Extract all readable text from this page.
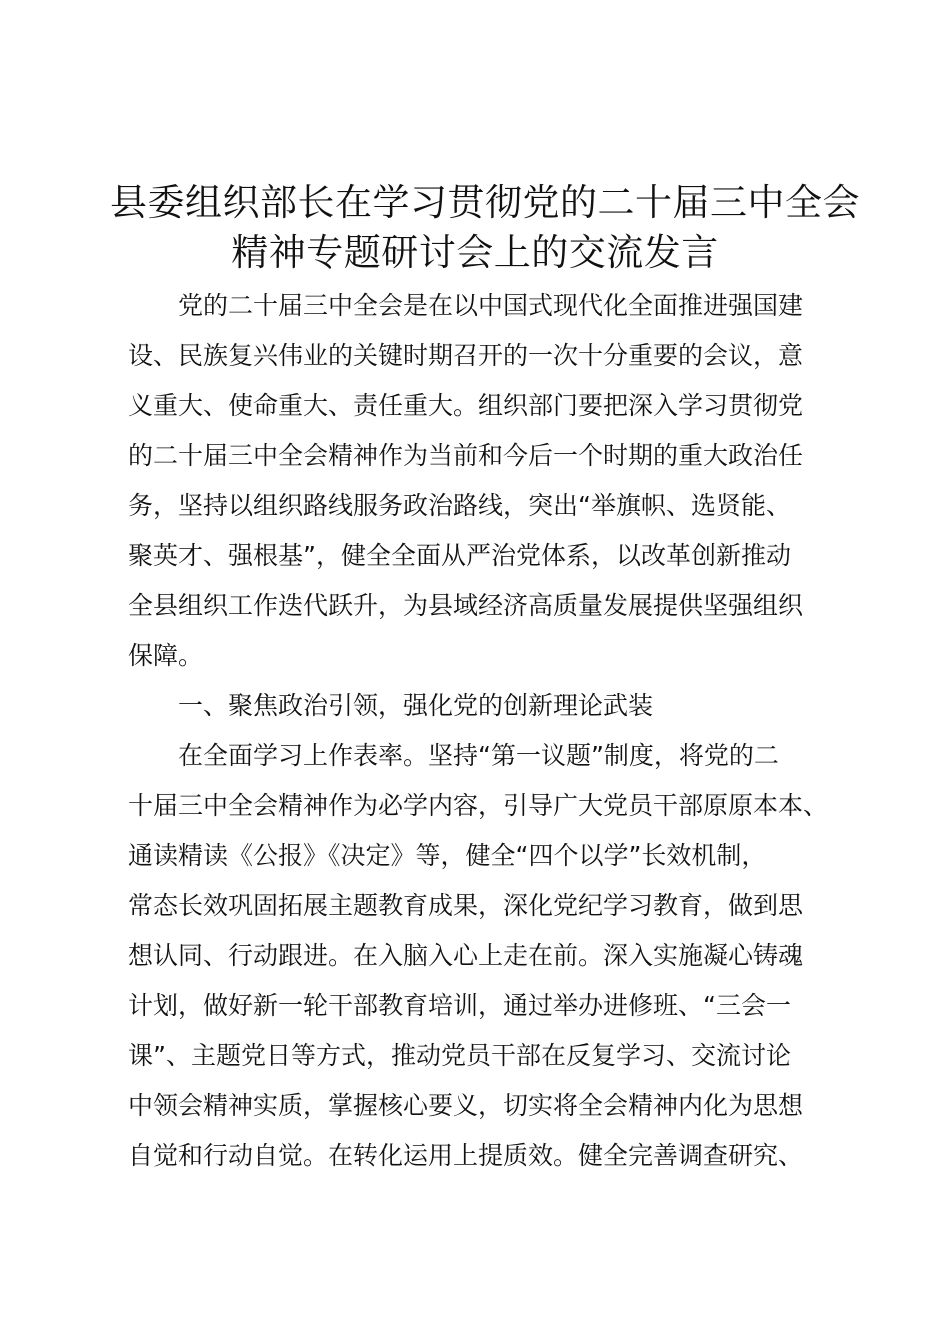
县委组织部长在学习贯彻党的二十届三中全会
精神专题研讨会上的交流发言
党的二十届三中全会是在以中国式现代化全面推进强国建
设、民族复兴伟业的关键时期召开的一次十分重要的会议，意
义重大、使命重大、责任重大。组织部门要把深入学习贯彻党
的二十届三中全会精神作为当前和今后一个时期的重大政治任
务，坚持以组织路线服务政治路线，突出“举旗帜、选贤能、
聚英才、强根基”，健全全面从严治党体系，以改革创新推动
全县组织工作迭代跃升，为县域经济高质量发展提供坚强组织
保障。
一、聚焦政治引领，强化党的创新理论武装
在全面学习上作表率。坚持“第一议题”制度，将党的二
十届三中全会精神作为必学内容，引导广大党员干部原原本本、
通读精读《公报》《决定》等，健全“四个以学”长效机制，
常态长效巩固拓展主题教育成果，深化党纪学习教育，做到思
想认同、行动跟进。在入脑入心上走在前。深入实施凝心铸魂
计划，做好新一轮干部教育培训，通过举办进修班、“三会一
课”、主题党日等方式，推动党员干部在反复学习、交流讨论
中领会精神实质，掌握核心要义，切实将全会精神内化为思想
自觉和行动自觉。在转化运用上提质效。健全完善调查研究、
